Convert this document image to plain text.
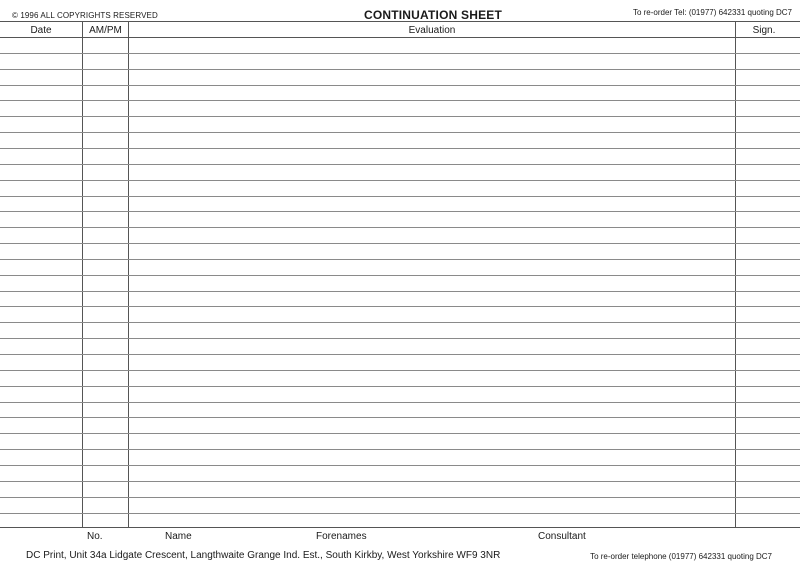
© 1996 ALL COPYRIGHTS RESERVED	CONTINUATION SHEET	To re-order Tel: (01977) 642331 quoting DC7
Date	AM/PM	Evaluation	Sign.
No.	Name	Forenames	Consultant
DC Print, Unit 34a Lidgate Crescent, Langthwaite Grange Ind. Est., South Kirkby, West Yorkshire WF9 3NR	To re-order telephone (01977) 642331 quoting DC7
